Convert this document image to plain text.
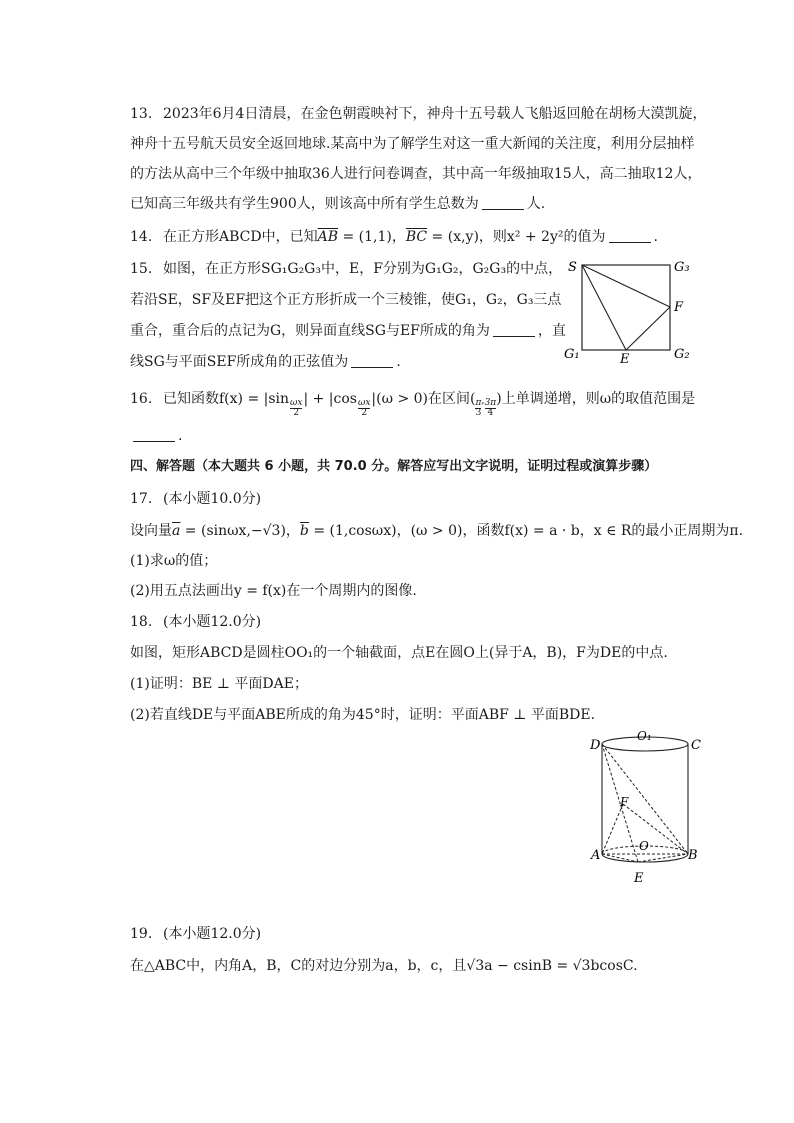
13. 2023年6月4日清晨，在金色朝霞映衬下，神舟十五号载人飞船返回舱在胡杨大漠凯旋，
神舟十五号航天员安全返回地球.某高中为了解学生对这一重大新闻的关注度，利用分层抽样
的方法从高中三个年级中抽取36人进行问卷调查，其中高一年级抽取15人，高二抽取12人，
已知高三年级共有学生900人，则该高中所有学生总数为	人.
14. 在正方形ABCD中，已知$\overline{AB} = (1,1)$，$\overline{BC} = (x,y)$，则x² + 2y²的值为	.
15. 如图，在正方形SG₁G₂G₃中，E，F分别为G₁G₂，G₂G₃的中点，
若沿SE，SF及EF把这个正方形折成一个三棱锥，使G₁，G₂，G₃三点
重合，重合后的点记为G，则异面直线SG与EF所成的角为	，直
线SG与平面SEF所成角的正弦值为	.
S	G₃
F
G₁	E	G₂
16. 已知函数$f(x) = |\sin \frac{\omega x}{2}$ | + $|\cos \frac{\omega x}{2} |(\omega > 0)$在区间( $\frac{\pi}{3}$ , $\frac{3\pi}{4}$ )上单调递增，则ω的取值范围是
.
四、解答题（本大题共 6 小题，共 70.0 分。解答应写出文字说明，证明过程或演算步骤）
17. (本小题10.0分)
设向量$\overline{a} = (\sin\omega x,-√3)$，$\overline{b} = (1,\cos\omega x)$，(ω > 0)，函数f(x) = a · b，x ∈ R的最小正周期为π.
(1)求ω的值；
(2)用五点法画出y = f(x)在一个周期内的图像.
18. (本小题12.0分)
如图，矩形ABCD是圆柱OO₁的一个轴截面，点E在圆O上(异于A，B)，F为DE的中点.
(1)证明：BE ⊥ 平面DAE；
(2)若直线DE与平面ABE所成的角为45°时，证明：平面ABF ⊥ 平面BDE.
D
O₁
C
F
A
O
B
E
19. (本小题12.0分)
在△ABC中，内角A，B，C的对边分别为a，b，c，且√3a − csinB = √3bcosC.
